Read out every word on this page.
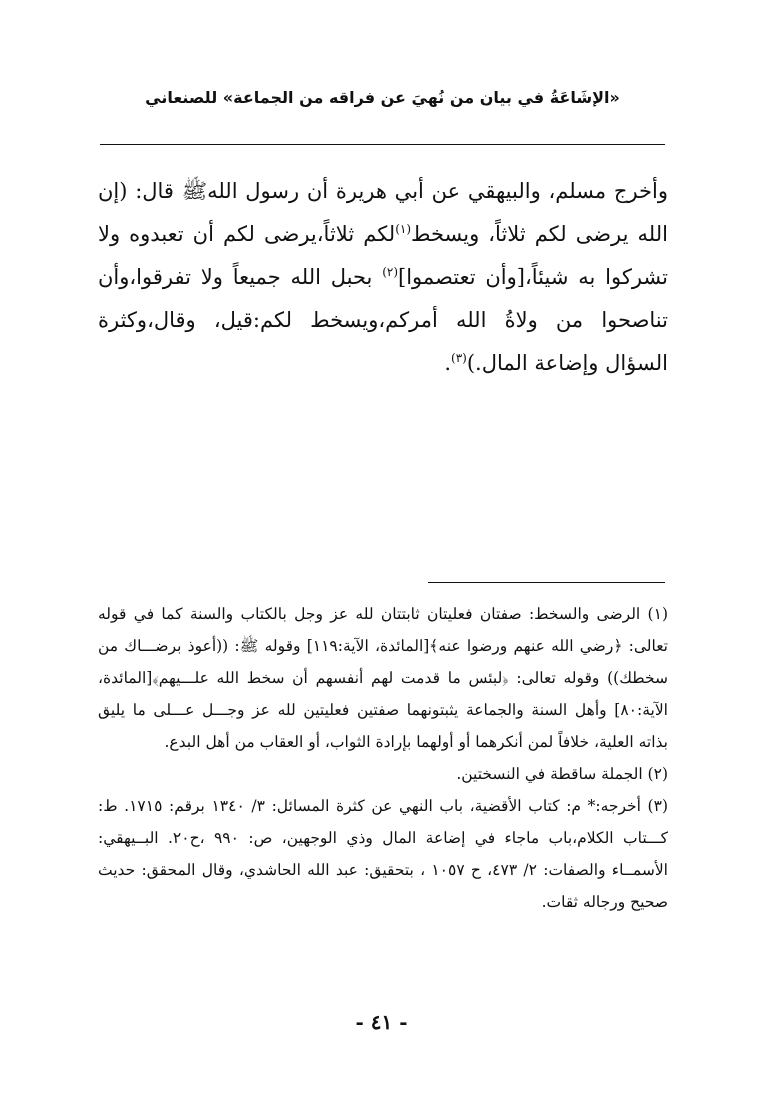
«الإشَاعَةُ في بيان من نُهيَ عن فراقه من الجماعة» للصنعاني

وأخرج مسلم، والبيهقي عن أبي هريرة أن رسول اللهﷺ قال: (إن الله يرضى لكم ثلاثاً، ويسخط$^{(١)}$لكم ثلاثاً،يرضى لكم أن تعبدوه ولا تشركوا به شيئاً،[وأن تعتصموا]$^{(٢)}$ بحبل الله جميعاً ولا تفرقوا،وأن تناصحوا من ولاةُ الله أمركم،ويسخط لكم:قيل، وقال،وكثرة السؤال وإضاعة المال.)$^{(٣)}$.

(١) الرضى والسخط: صفتان فعليتان ثابتتان لله عز وجل بالكتاب والسنة كما في قوله تعالى: ﴿رضي الله عنهم ورضوا عنه﴾[المائدة، الآية:١١٩] وقوله ﷺ: ((أعوذ برضـــاك من سخطك)) وقوله تعالى: ﴿لبئس ما قدمت لهم أنفسهم أن سخط الله علـــيهم﴾[المائدة، الآية:٨٠] وأهل السنة والجماعة يثبتونهما صفتين فعليتين لله عز وجـــل عـــلى ما يليق بذاته العلية، خلافاً لمن أنكرهما أو أولهما بإرادة الثواب، أو العقاب من أهل البدع.

(٢) الجملة ساقطة في النسختين.

(٣) أخرجه:* م: كتاب الأقضية، باب النهي عن كثرة المسائل: ٣/ ١٣٤٠ برقم: ١٧١٥. ط: كـــتاب الكلام،باب ماجاء في إضاعة المال وذي الوجهين، ص: ٩٩٠ ،ح٢٠. البــيهقي: الأسمــاء والصفات: ٢/ ٤٧٣، ح ١٠٥٧ ، بتحقيق: عبد الله الحاشدي، وقال المحقق: حديث صحيح ورجاله ثقات.

- ٤١ -
